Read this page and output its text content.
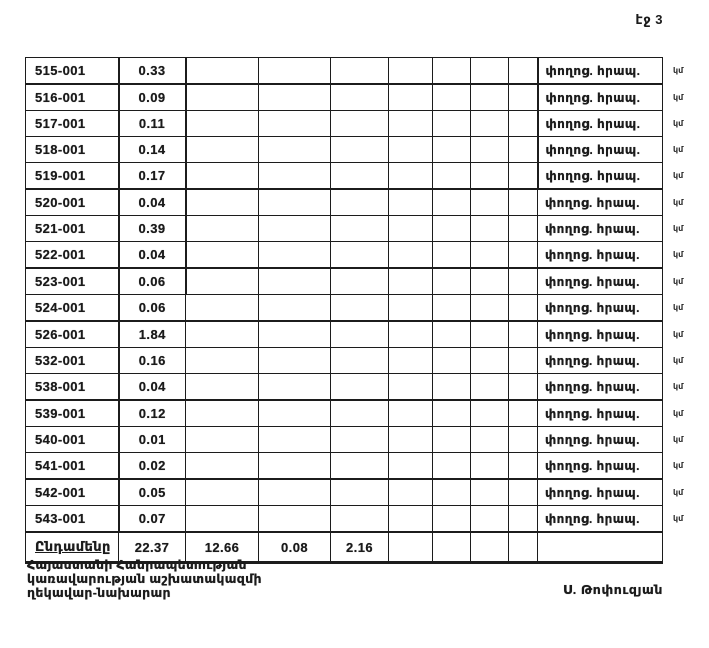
էջ 3
515-001	0.33								փողոց. հրապ.	կմ
516-001	0.09								փողոց. հրապ.	կմ
517-001	0.11								փողոց. հրապ.	կմ
518-001	0.14								փողոց. հրապ.	կմ
519-001	0.17								փողոց. հրապ.	կմ
520-001	0.04								փողոց. հրապ.	կմ
521-001	0.39								փողոց. հրապ.	կմ
522-001	0.04								փողոց. հրապ.	կմ
523-001	0.06								փողոց. հրապ.	կմ
524-001	0.06								փողոց. հրապ.	կմ
526-001	1.84								փողոց. հրապ.	կմ
532-001	0.16								փողոց. հրապ.	կմ
538-001	0.04								փողոց. հրապ.	կմ
539-001	0.12								փողոց. հրապ.	կմ
540-001	0.01								փողոց. հրապ.	կմ
541-001	0.02								փողոց. հրապ.	կմ
542-001	0.05								փողոց. հրապ.	կմ
543-001	0.07								փողոց. հրապ.	կմ
Ընդամենը	22.37	12.66	0.08	2.16						
Հայաստանի Հանրապետության
կառավարության աշխատակազմի
ղեկավար-նախարար	Ս. Թոփուզյան
